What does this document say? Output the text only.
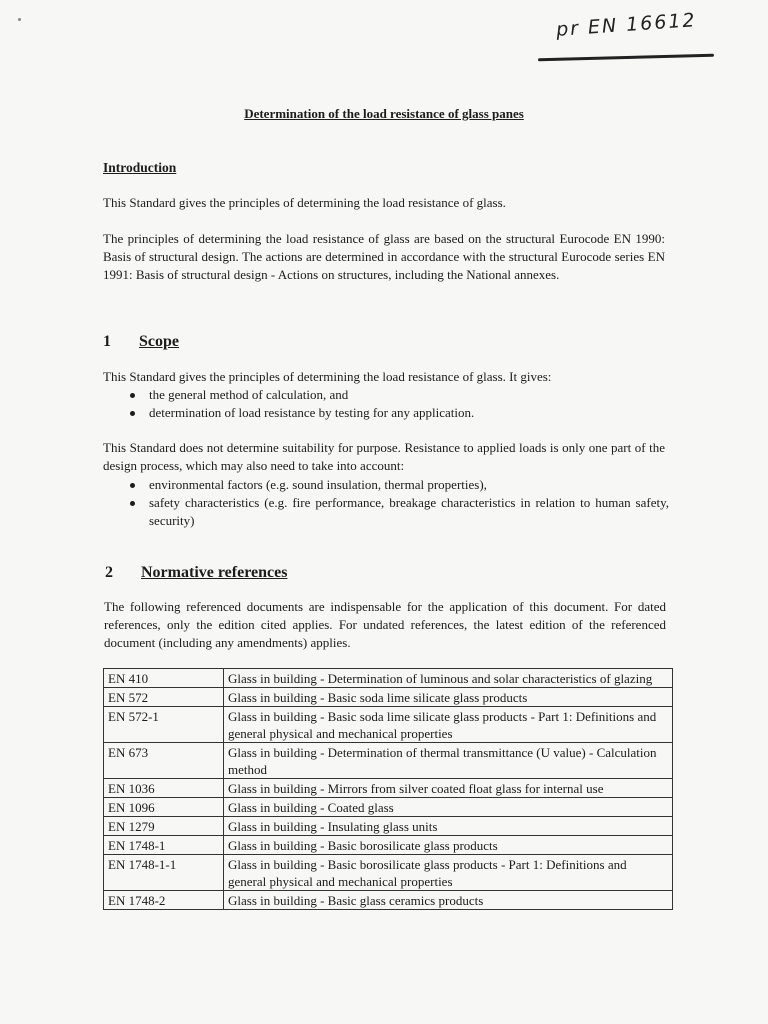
pr EN 16612
Determination of the load resistance of glass panes
Introduction

This Standard gives the principles of determining the load resistance of glass.

The principles of determining the load resistance of glass are based on the structural Eurocode EN 1990: Basis of structural design. The actions are determined in accordance with the structural Eurocode series EN 1991: Basis of structural design - Actions on structures, including the National annexes.

1 Scope

This Standard gives the principles of determining the load resistance of glass. It gives:

the general method of calculation, and
determination of load resistance by testing for any application.

This Standard does not determine suitability for purpose. Resistance to applied loads is only one part of the design process, which may also need to take into account:

environmental factors (e.g. sound insulation, thermal properties),
safety characteristics (e.g. fire performance, breakage characteristics in relation to human safety, security)
2 Normative references

The following referenced documents are indispensable for the application of this document. For dated references, only the edition cited applies. For undated references, the latest edition of the referenced document (including any amendments) applies.

EN 410	Glass in building - Determination of luminous and solar characteristics of glazing
EN 572	Glass in building - Basic soda lime silicate glass products
EN 572-1	Glass in building - Basic soda lime silicate glass products - Part 1: Definitions and general physical and mechanical properties
EN 673	Glass in building - Determination of thermal transmittance (U value) - Calculation method
EN 1036	Glass in building - Mirrors from silver coated float glass for internal use
EN 1096	Glass in building - Coated glass
EN 1279	Glass in building - Insulating glass units
EN 1748-1	Glass in building - Basic borosilicate glass products
EN 1748-1-1	Glass in building - Basic borosilicate glass products - Part 1: Definitions and general physical and mechanical properties
EN 1748-2	Glass in building - Basic glass ceramics products
